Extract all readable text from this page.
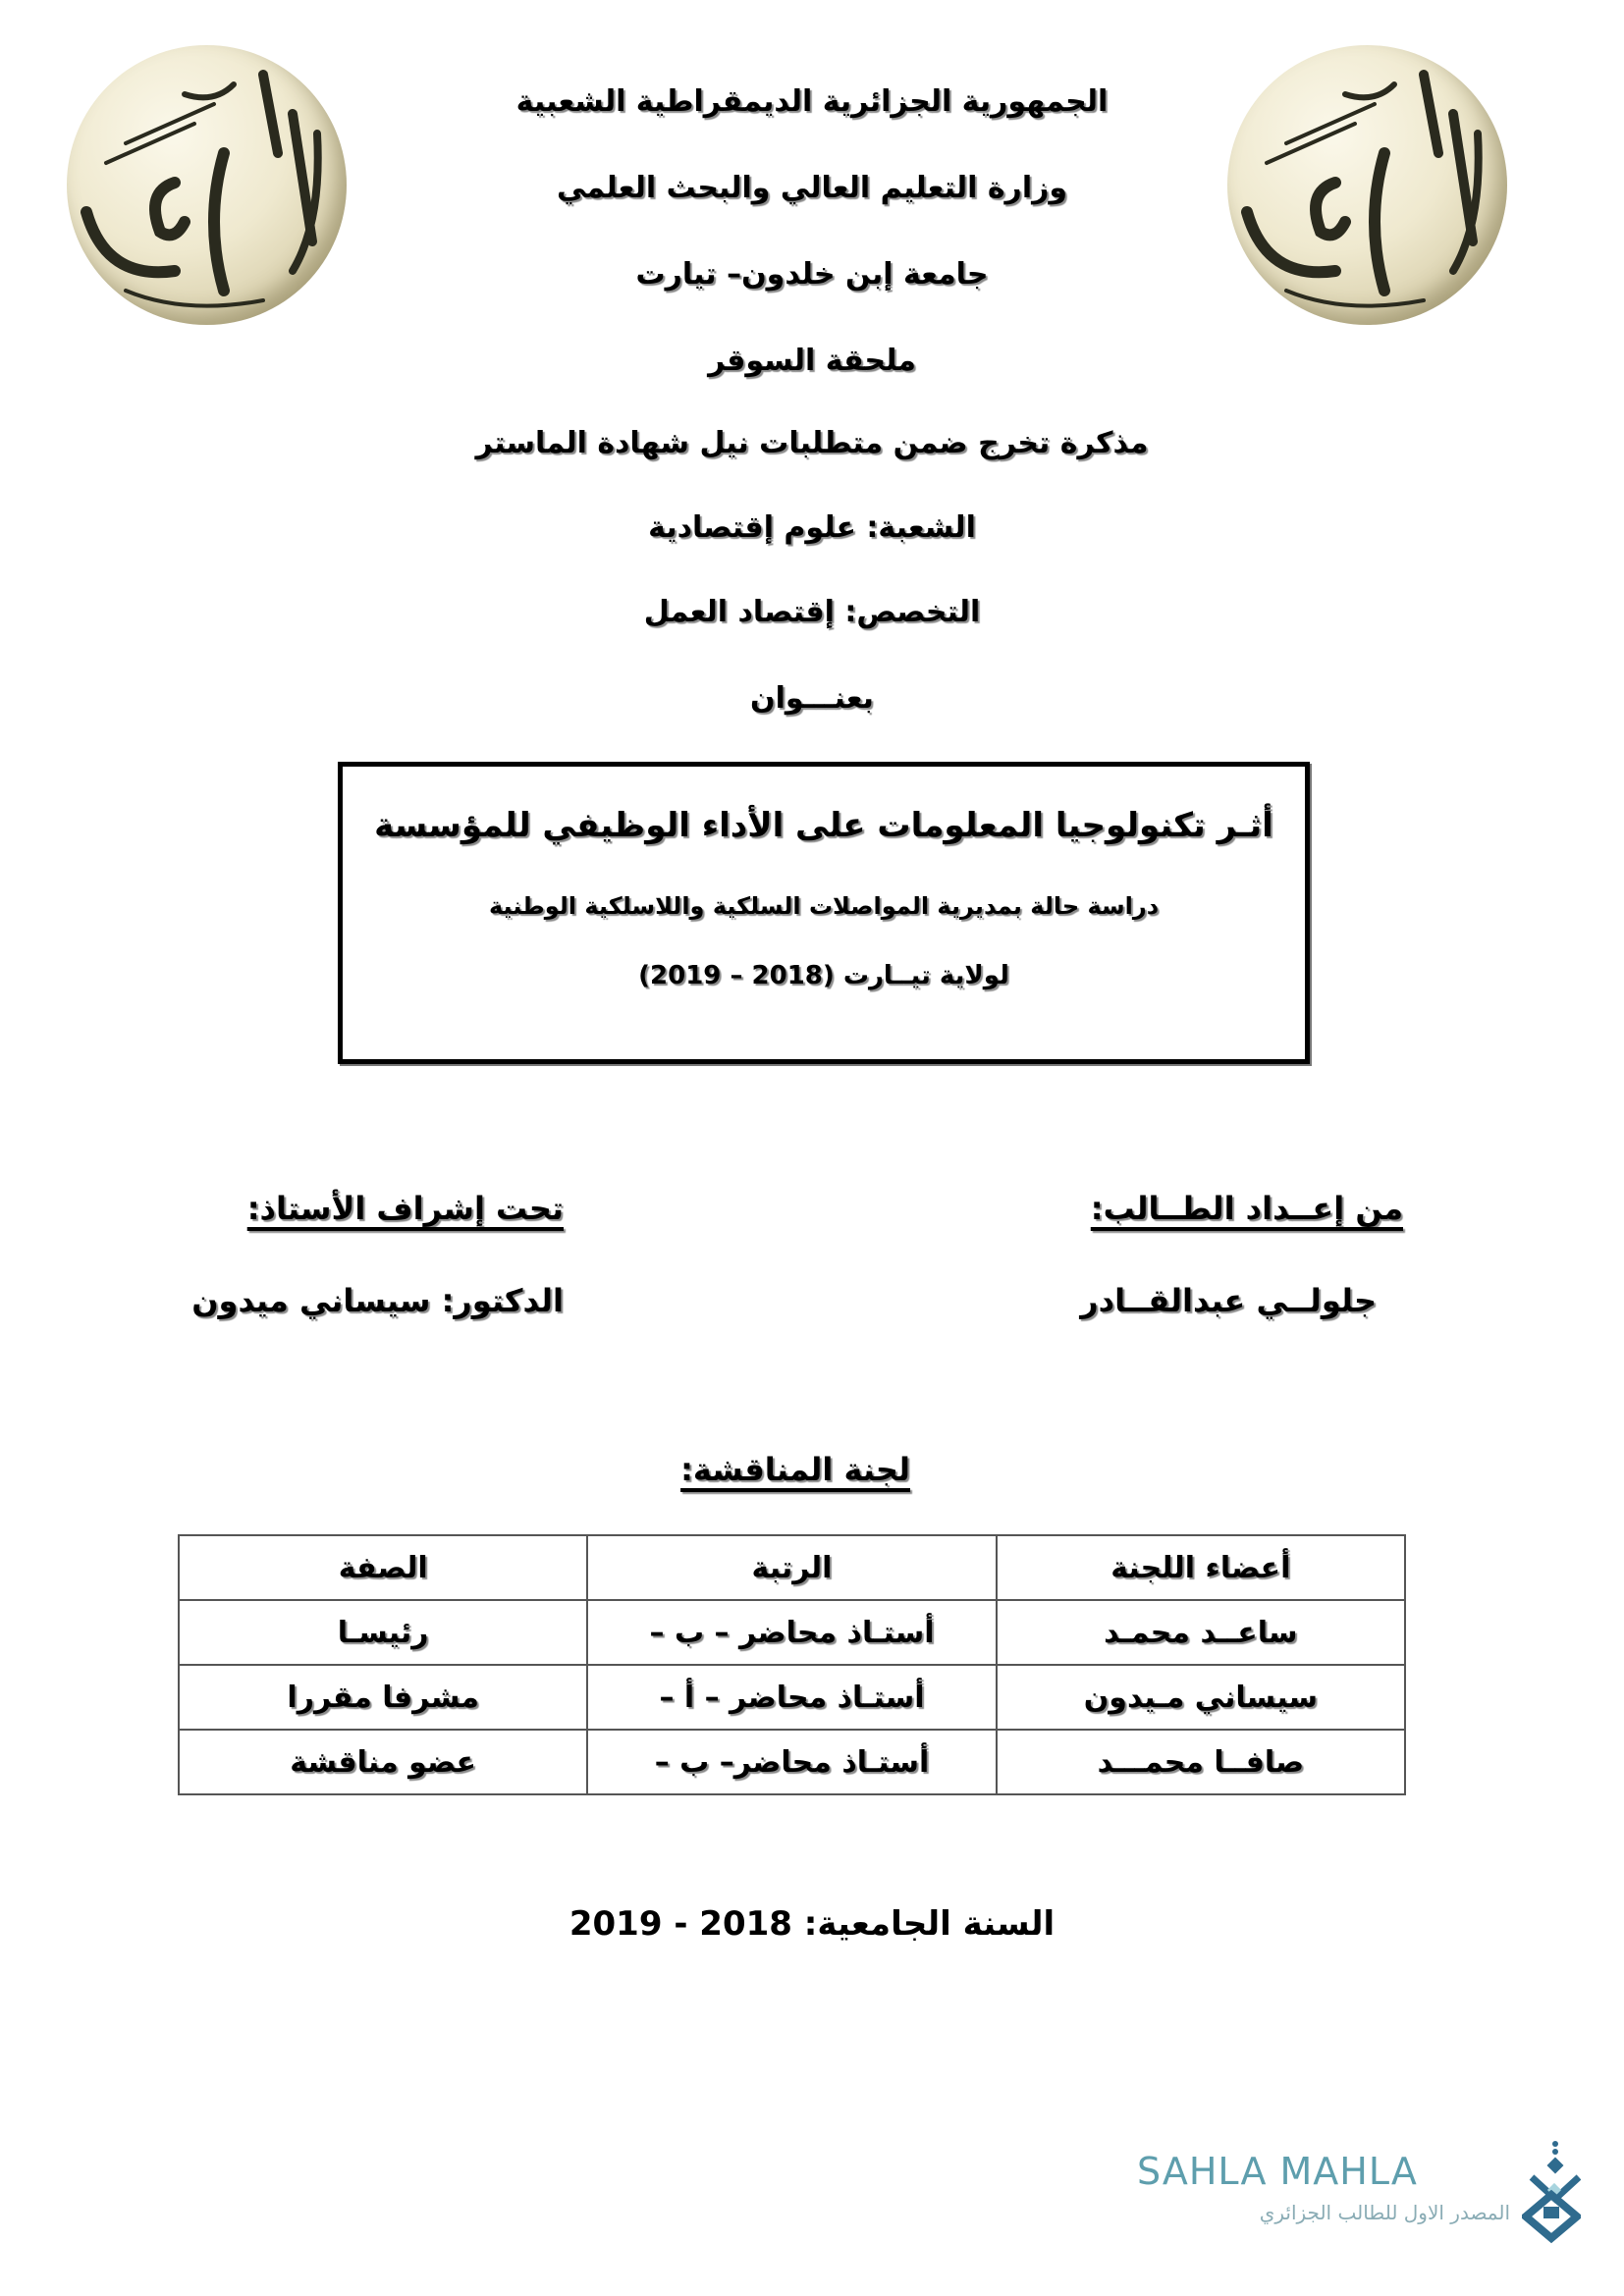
الجمهورية الجزائرية الديمقراطية الشعبية
وزارة التعليم العالي والبحث العلمي
جامعة إبن خلدون– تيارت
ملحقة السوقر
مذكرة تخرج ضمن متطلبات نيل شهادة الماستر
الشعبة: علوم إقتصادية
التخصص: إقتصاد العمل
بعنـــوان
أثـر تكنولوجيا المعلومات على الأداء الوظيفي للمؤسسة
دراسة حالة بمديرية المواصلات السلكية واللاسلكية الوطنية
لولاية تيــارت (2018 – 2019)
من إعــداد الطــالب:
جلولــي عبدالقــادر
تحت إشراف الأستاذ:
الدكتور: سيساني ميدون
لجنة المناقشة:
أعضاء اللجنة	الرتبة	الصفة
ساعــد محمـد	أستـاذ محاضر – ب –	رئيسـا
سيساني مـيدون	أستـاذ محاضر – أ –	مشرفا مقررا
صافــا محمـــد	أستـاذ محاضر– ب –	عضو مناقشة
السنة الجامعية: 2018 - 2019
SAHLA MAHLA
المصدر الاول للطالب الجزائري
